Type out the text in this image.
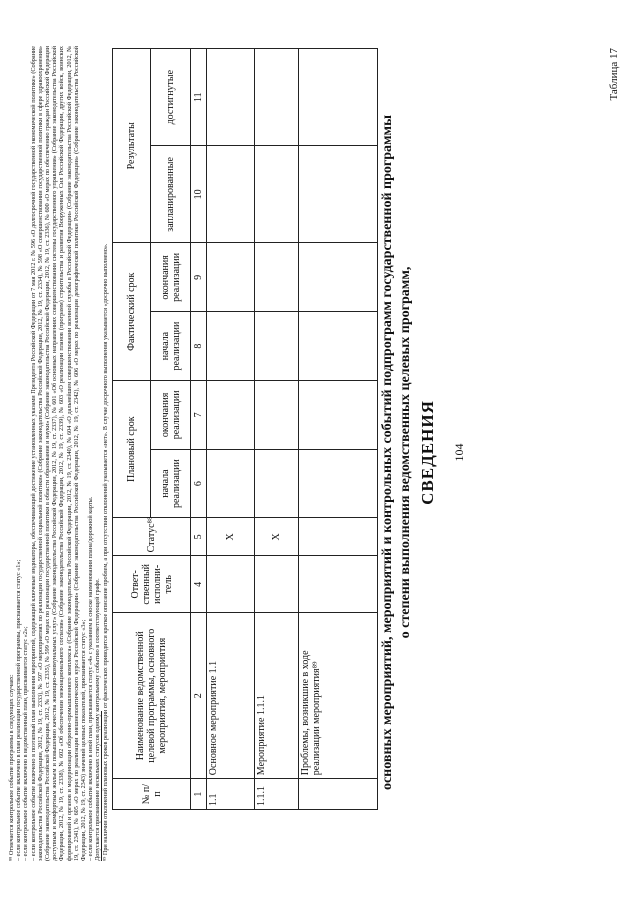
104
Таблица 17
СВЕДЕНИЯ
о степени выполнения ведомственных целевых программ,
основных мероприятий, мероприятий и контрольных событий подпрограмм государственной программы
№ п/п	Наименование ведомственной целевой программы, основного мероприятия, мероприятия	Ответ-ственный исполни-тель	Статус⁸⁸	Плановый срок		Фактический срок		Результаты	
				начала реализации	окончания реализации	начала реализации	окончания реализации	запланированные	достигнутые
1	2	4	5	6	7	8	9	10	11
1.1	Основное мероприятие 1.1		Х						
1.1.1	Мероприятие 1.1.1		Х						
	Проблемы, возникшие в ходе реализации мероприятия⁸⁹								

⁸⁸ Отмечается контрольное событие программы в следующих случаях: – если контрольное событие включено в план реализации государственной программы, присваивается статус «1»; – если контрольное событие включено в ведомственный план, присваивается статус «2»; – если контрольное событие включено в поэтапный план выполнения мероприятий, содержащий ключевые индикаторы, обеспечивающий достижение установленных указами Президента Российской Федерации от 7 мая 2012 г. № 596 «О долгосрочной государственной экономической политике» (Собрание законодательства Российской Федерации, 2012, № 19, ст. 2333), № 597 «О мероприятиях по реализации государственной социальной политики» (Собрание законодательства Российской Федерации, 2012, № 19, ст. 2334), № 598 «О совершенствовании государственной политики в сфере здравоохранения» (Собрание законодательства Российской Федерации, 2012, № 19, ст. 2335), № 599 «О мерах по реализации государственной политики в области образования и науки» (Собрание законодательства Российской Федерации, 2012, № 19, ст. 2336), № 600 «О мерах по обеспечению граждан Российской Федерации доступным и комфортным жильем и повышению качества жилищно-коммунальных услуг» (Собрание законодательства Российской Федерации, 2012, № 19, ст. 2337), № 601 «Об основных направлениях совершенствования системы государственного управления» (Собрание законодательства Российской Федерации, 2012, № 19, ст. 2338), № 602 «Об обеспечении межнационального согласия» (Собрание законодательства Российской Федерации, 2012, № 19, ст. 2339), № 603 «О реализации планов (программ) строительства и развития Вооруженных Сил Российской Федерации, других войск, воинских формирований и органов и модернизации оборонно-промышленного комплекса» (Собрание законодательства Российской Федерации, 2012, № 19, ст. 2340), № 604 «О дальнейшем совершенствовании военной службы в Российской Федерации» (Собрание законодательства Российской Федерации, 2012, № 19, ст. 2341), № 605 «О мерах по реализации внешнеполитического курса Российской Федерации» (Собрание законодательства Российской Федерации, 2012, № 19, ст. 2342), № 606 «О мерах по реализации демографической политики Российской Федерации» (Собрание законодательства Российской Федерации, 2012, № 19, ст. 2343) значений целевых показателей, присваивается статус «3»; – если контрольное событие включено в иной план, присваивается статус «4» с указанием в сноске наименования плана/дорожной карты. Допускается присваивание нескольких статусов одному контрольному событию в соответствующей графе. ⁸⁹ При наличии отклонений плановых сроков реализации от фактических приводится краткое описание проблем, а при отсутствии отклонений указывается «нет». В случае досрочного выполнения указывается «досрочно выполнено».
